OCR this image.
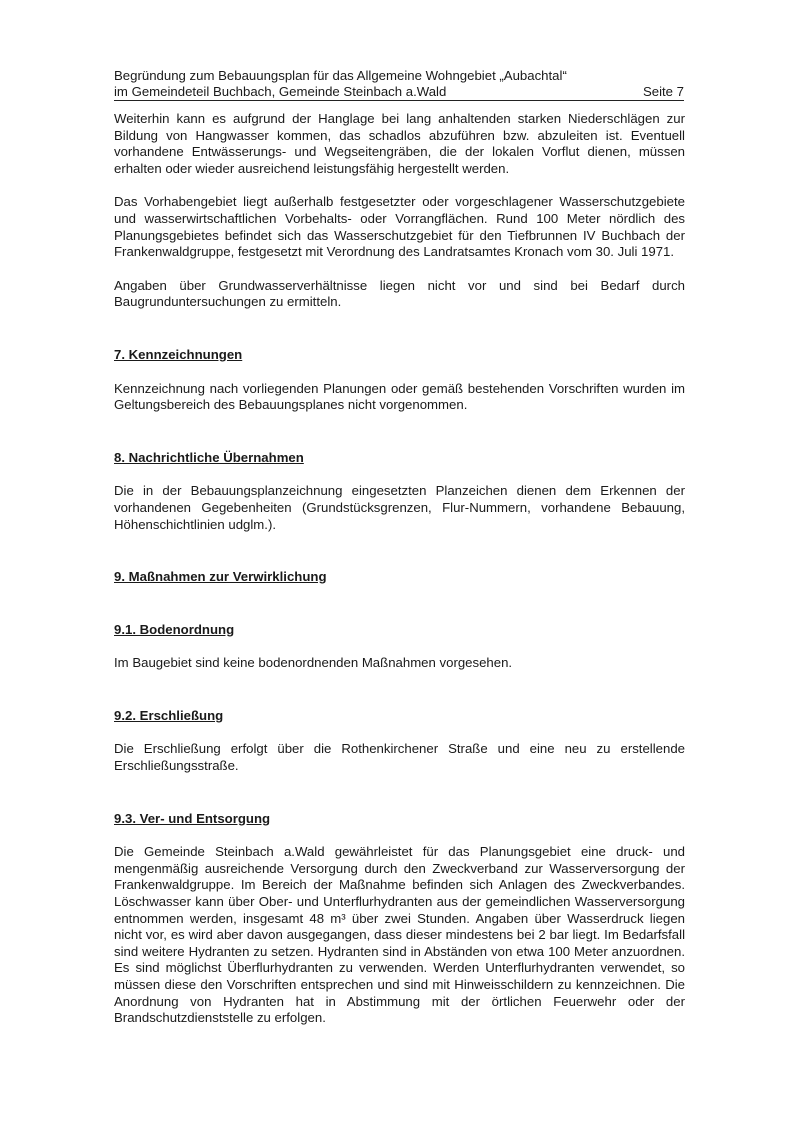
Begründung zum Bebauungsplan für das Allgemeine Wohngebiet „Aubachtal“
im Gemeindeteil Buchbach, Gemeinde Steinbach a.Wald	Seite 7

Weiterhin kann es aufgrund der Hanglage bei lang anhaltenden starken Niederschlägen zur Bildung von Hangwasser kommen, das schadlos abzuführen bzw. abzuleiten ist. Eventuell vorhandene Entwässerungs- und Wegseitengräben, die der lokalen Vorflut dienen, müssen erhalten oder wieder ausreichend leistungsfähig hergestellt werden.

Das Vorhabengebiet liegt außerhalb festgesetzter oder vorgeschlagener Wasserschutzgebiete und wasserwirtschaftlichen Vorbehalts- oder Vorrangflächen. Rund 100 Meter nördlich des Planungsgebietes befindet sich das Wasserschutzgebiet für den Tiefbrunnen IV Buchbach der Frankenwaldgruppe, festgesetzt mit Verordnung des Landratsamtes Kronach vom 30. Juli 1971.

Angaben über Grundwasserverhältnisse liegen nicht vor und sind bei Bedarf durch Baugrunduntersuchungen zu ermitteln.

7. Kennzeichnungen

Kennzeichnung nach vorliegenden Planungen oder gemäß bestehenden Vorschriften wurden im Geltungsbereich des Bebauungsplanes nicht vorgenommen.

8. Nachrichtliche Übernahmen

Die in der Bebauungsplanzeichnung eingesetzten Planzeichen dienen dem Erkennen der vorhandenen Gegebenheiten (Grundstücksgrenzen, Flur-Nummern, vorhandene Bebauung, Höhenschichtlinien udglm.).

9. Maßnahmen zur Verwirklichung
9.1. Bodenordnung

Im Baugebiet sind keine bodenordnenden Maßnahmen vorgesehen.

9.2. Erschließung

Die Erschließung erfolgt über die Rothenkirchener Straße und eine neu zu erstellende Erschließungsstraße.

9.3. Ver- und Entsorgung

Die Gemeinde Steinbach a.Wald gewährleistet für das Planungsgebiet eine druck- und mengenmäßig ausreichende Versorgung durch den Zweckverband zur Wasserversorgung der Frankenwaldgruppe. Im Bereich der Maßnahme befinden sich Anlagen des Zweckverbandes. Löschwasser kann über Ober- und Unterflurhydranten aus der gemeindlichen Wasserversorgung entnommen werden, insgesamt 48 m³ über zwei Stunden. Angaben über Wasserdruck liegen nicht vor, es wird aber davon ausgegangen, dass dieser mindestens bei 2 bar liegt. Im Bedarfsfall sind weitere Hydranten zu setzen. Hydranten sind in Abständen von etwa 100 Meter anzuordnen. Es sind möglichst Überflurhydranten zu verwenden. Werden Unterflurhydranten verwendet, so müssen diese den Vorschriften entsprechen und sind mit Hinweisschildern zu kennzeichnen. Die Anordnung von Hydranten hat in Abstimmung mit der örtlichen Feuerwehr oder der Brandschutzdienststelle zu erfolgen.
